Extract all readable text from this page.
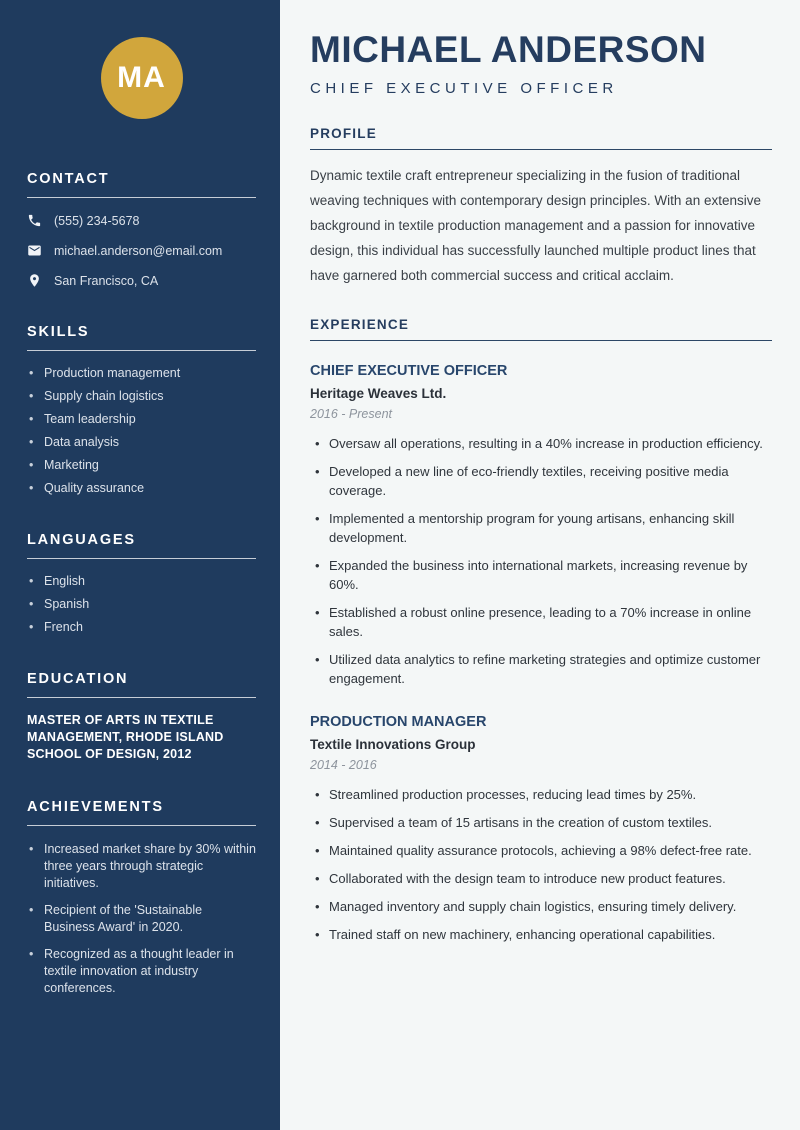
MA
CONTACT
(555) 234-5678
michael.anderson@email.com
San Francisco, CA
SKILLS
• Production management
• Supply chain logistics
• Team leadership
• Data analysis
• Marketing
• Quality assurance
LANGUAGES
• English
• Spanish
• French
EDUCATION
MASTER OF ARTS IN TEXTILE MANAGEMENT, RHODE ISLAND SCHOOL OF DESIGN, 2012
ACHIEVEMENTS
• Increased market share by 30% within three years through strategic initiatives.
• Recipient of the 'Sustainable Business Award' in 2020.
• Recognized as a thought leader in textile innovation at industry conferences.
MICHAEL ANDERSON
CHIEF EXECUTIVE OFFICER
PROFILE

Dynamic textile craft entrepreneur specializing in the fusion of traditional weaving techniques with contemporary design principles. With an extensive background in textile production management and a passion for innovative design, this individual has successfully launched multiple product lines that have garnered both commercial success and critical acclaim.

EXPERIENCE
CHIEF EXECUTIVE OFFICER
Heritage Weaves Ltd.
2016 - Present
• Oversaw all operations, resulting in a 40% increase in production efficiency.
• Developed a new line of eco-friendly textiles, receiving positive media coverage.
• Implemented a mentorship program for young artisans, enhancing skill development.
• Expanded the business into international markets, increasing revenue by 60%.
• Established a robust online presence, leading to a 70% increase in online sales.
• Utilized data analytics to refine marketing strategies and optimize customer engagement.
PRODUCTION MANAGER
Textile Innovations Group
2014 - 2016
• Streamlined production processes, reducing lead times by 25%.
• Supervised a team of 15 artisans in the creation of custom textiles.
• Maintained quality assurance protocols, achieving a 98% defect-free rate.
• Collaborated with the design team to introduce new product features.
• Managed inventory and supply chain logistics, ensuring timely delivery.
• Trained staff on new machinery, enhancing operational capabilities.
